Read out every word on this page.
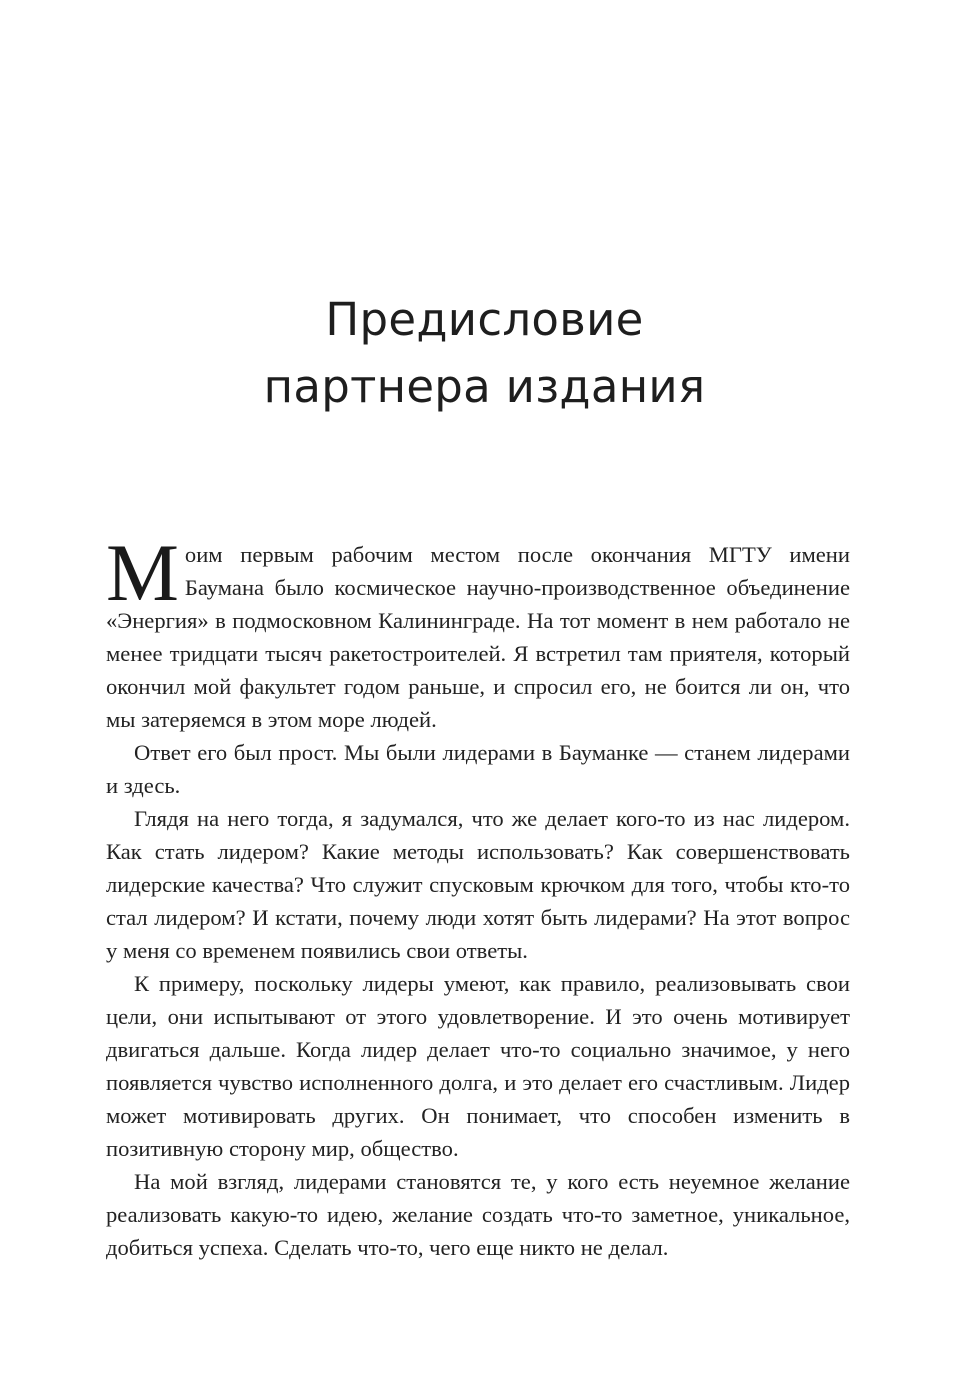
Предисловие
партнера издания

Моим первым рабочим местом после окончания МГТУ имени Баумана было космическое научно-производственное объединение «Энергия» в подмосковном Калининграде. На тот момент в нем работало не менее тридцати тысяч ракетостроителей. Я встретил там приятеля, который окончил мой факультет годом раньше, и спросил его, не боится ли он, что мы затеряемся в этом море людей.

Ответ его был прост. Мы были лидерами в Бауманке — станем лидерами и здесь.

Глядя на него тогда, я задумался, что же делает кого-то из нас лидером. Как стать лидером? Какие методы использовать? Как совершенствовать лидерские качества? Что служит спусковым крючком для того, чтобы кто-то стал лидером? И кстати, почему люди хотят быть лидерами? На этот вопрос у меня со временем появились свои ответы.

К примеру, поскольку лидеры умеют, как правило, реализовывать свои цели, они испытывают от этого удовлетворение. И это очень мотивирует двигаться дальше. Когда лидер делает что-то социально значимое, у него появляется чувство исполненного долга, и это делает его счастливым. Лидер может мотивировать других. Он понимает, что способен изменить в позитивную сторону мир, общество.

На мой взгляд, лидерами становятся те, у кого есть неуемное желание реализовать какую-то идею, желание создать что-то заметное, уникальное, добиться успеха. Сделать что-то, чего еще никто не делал.
